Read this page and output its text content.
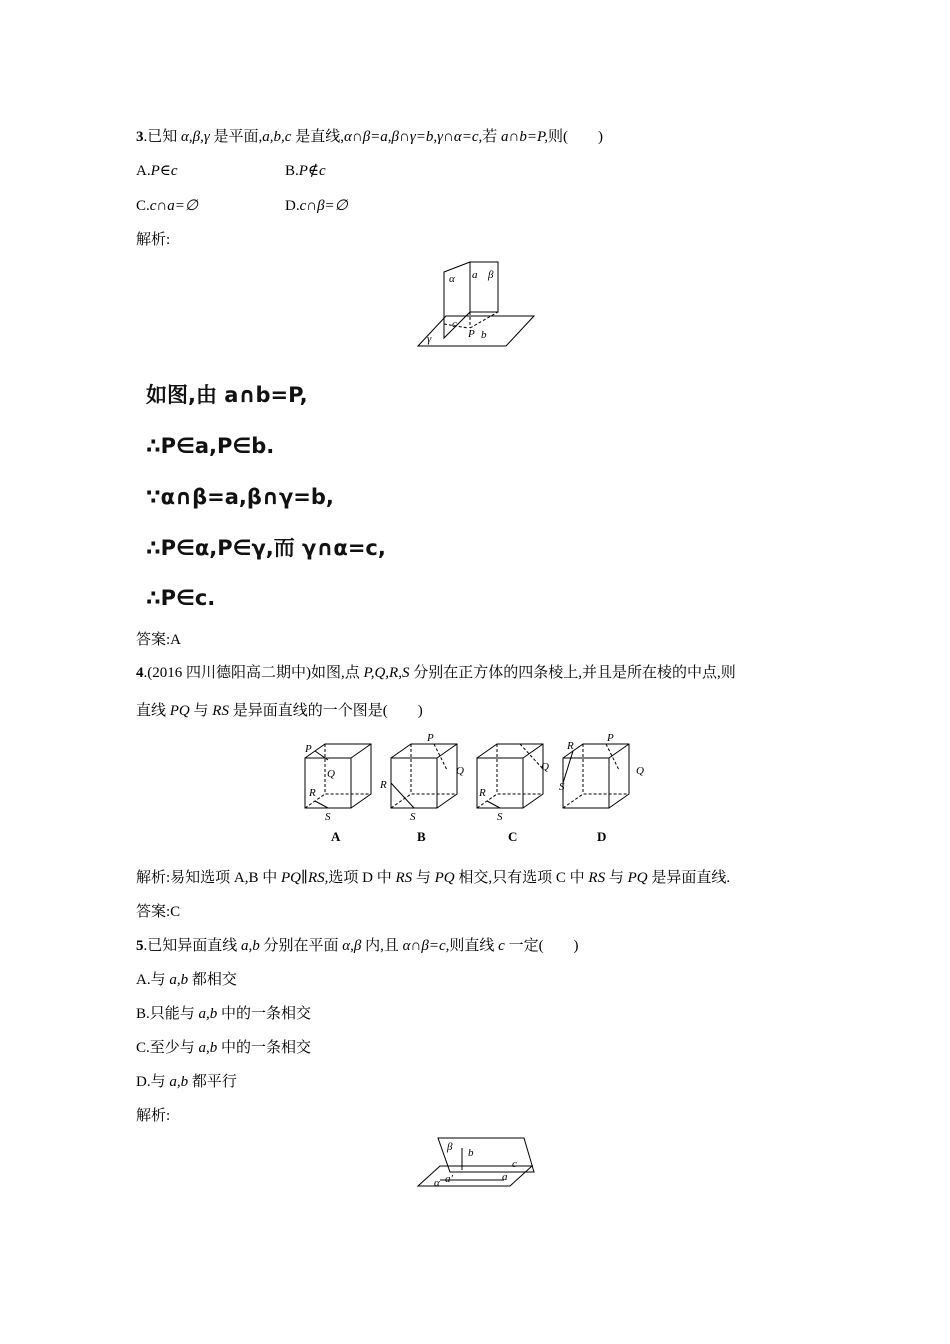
3.已知 α,β,γ 是平面,a,b,c 是直线,α∩β=a,β∩γ=b,γ∩α=c,若 a∩b=P,则(　　)
A.P∈c	B.P∉c
C.c∩a=∅	D.c∩β=∅
解析:
α a β
c
γ	P b
如图,由 a∩b=P,
∴P∈a,P∈b.
∵α∩β=a,β∩γ=b,
∴P∈α,P∈γ,而 γ∩α=c,
∴P∈c.
答案:A
4.(2016 四川德阳高二期中)如图,点 P,Q,R,S 分别在正方体的四条棱上,并且是所在棱的中点,则
直线 PQ 与 RS 是异面直线的一个图是(　　)
P
Q
R
S
P
Q
R
S
Q
R
S
R
P
Q
S
A	B	C	D
解析:易知选项 A,B 中 PQ∥RS,选项 D 中 RS 与 PQ 相交,只有选项 C 中 RS 与 PQ 是异面直线.
答案:C
5.已知异面直线 a,b 分别在平面 α,β 内,且 α∩β=c,则直线 c 一定(　　)
A.与 a,b 都相交
B.只能与 a,b 中的一条相交
C.至少与 a,b 中的一条相交
D.与 a,b 都平行
解析:
β b
c
α a′	a
